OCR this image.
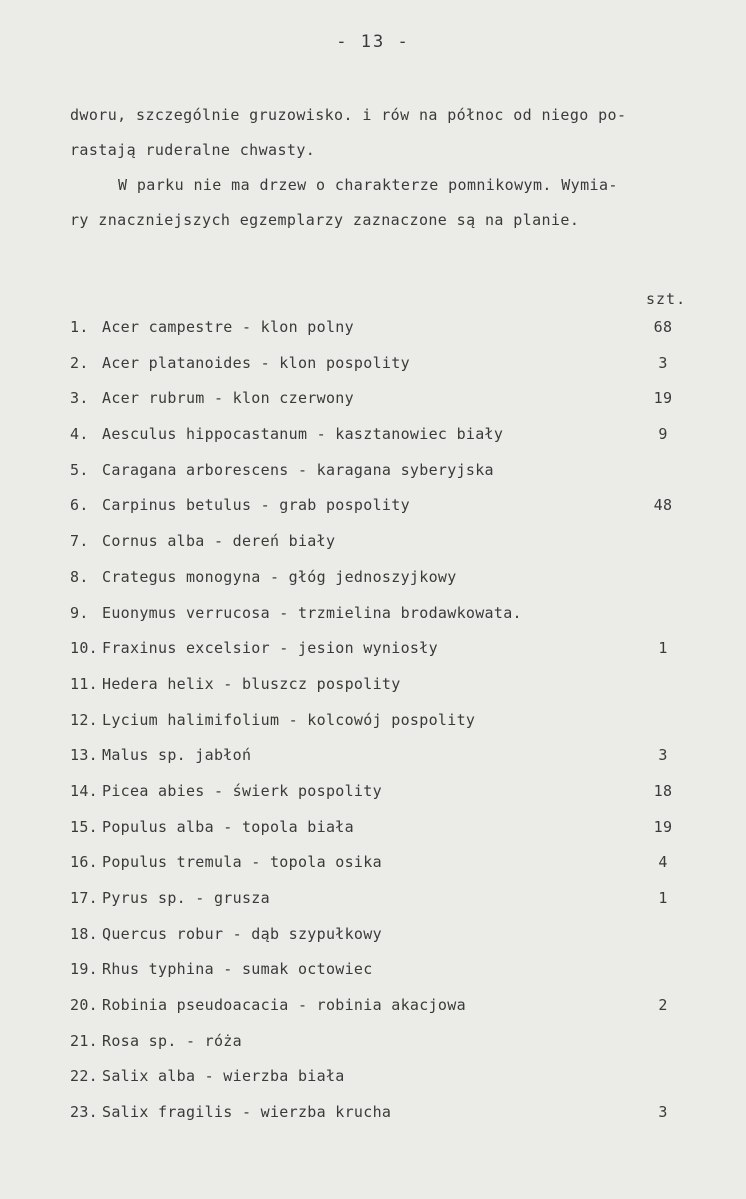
- 13 -
dworu, szczególnie gruzowisko. i rów na północ od niego po-
rastają ruderalne chwasty.
W parku nie ma drzew o charakterze pomnikowym. Wymia-
ry znaczniejszych egzemplarzy zaznaczone są na planie.
szt.
1. Acer campestre - klon polny	68
2. Acer platanoides - klon pospolity	3
3. Acer rubrum - klon czerwony	19
4. Aesculus hippocastanum - kasztanowiec biały	9
5. Caragana arborescens - karagana syberyjska
6. Carpinus betulus - grab pospolity	48
7. Cornus alba - dereń biały
8. Crategus monogyna - głóg jednoszyjkowy
9. Euonymus verrucosa - trzmielina brodawkowata.
10. Fraxinus excelsior - jesion wyniosły	1
11. Hedera helix - bluszcz pospolity
12. Lycium halimifolium - kolcowój pospolity
13. Malus sp. jabłoń	3
14. Picea abies - świerk pospolity	18
15. Populus alba - topola biała	19
16. Populus tremula - topola osika	4
17. Pyrus sp. - grusza	1
18. Quercus robur - dąb szypułkowy
19. Rhus typhina - sumak octowiec
20. Robinia pseudoacacia - robinia akacjowa	2
21. Rosa sp. - róża
22. Salix alba - wierzba biała
23. Salix fragilis - wierzba krucha	3
